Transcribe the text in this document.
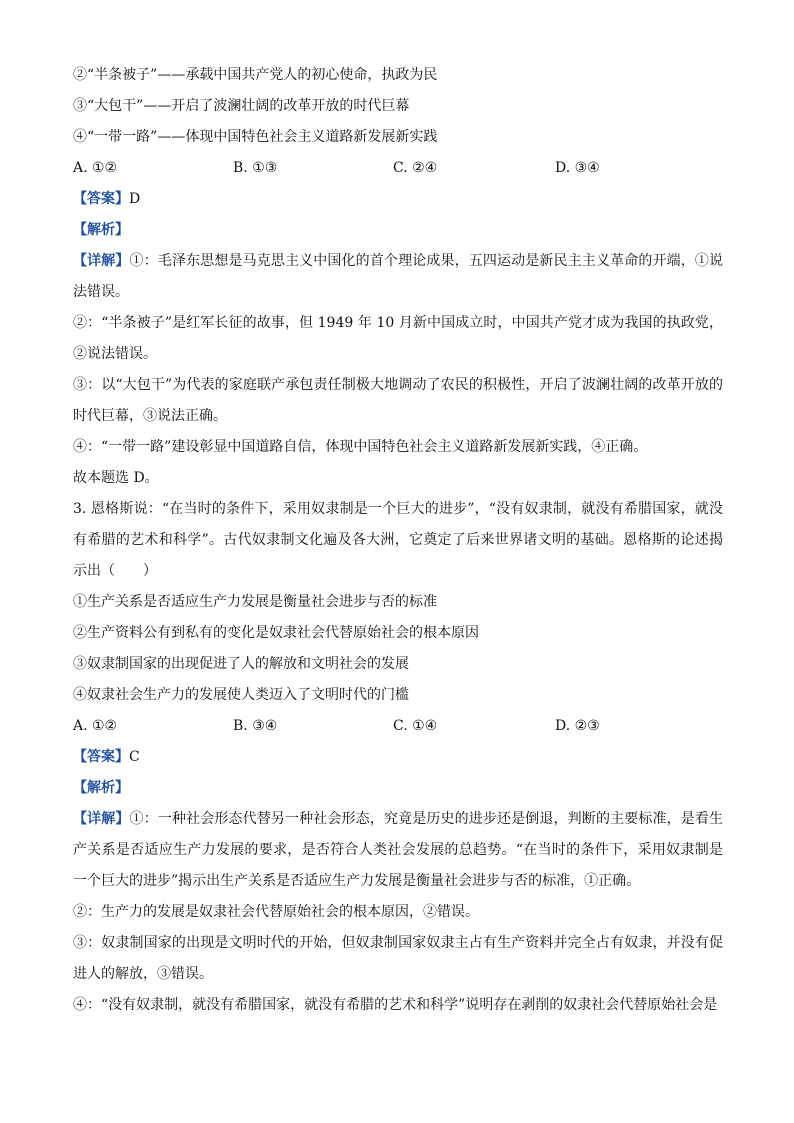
②“半条被子”——承载中国共产党人的初心使命，执政为民
③“大包干”——开启了波澜壮阔的改革开放的时代巨幕
④“一带一路”——体现中国特色社会主义道路新发展新实践
A. ①②	B. ①③	C. ②④	D. ③④
【答案】D
【解析】
【详解】①：毛泽东思想是马克思主义中国化的首个理论成果，五四运动是新民主主义革命的开端，①说法错误。
②：“半条被子”是红军长征的故事，但 1949 年 10 月新中国成立时，中国共产党才成为我国的执政党，②说法错误。
③：以“大包干”为代表的家庭联产承包责任制极大地调动了农民的积极性，开启了波澜壮阔的改革开放的时代巨幕，③说法正确。
④：“一带一路”建设彰显中国道路自信，体现中国特色社会主义道路新发展新实践，④正确。
故本题选 D。
3. 恩格斯说：“在当时的条件下，采用奴隶制是一个巨大的进步”，“没有奴隶制，就没有希腊国家，就没有希腊的艺术和科学”。古代奴隶制文化遍及各大洲，它奠定了后来世界诸文明的基础。恩格斯的论述揭示出（　　）
①生产关系是否适应生产力发展是衡量社会进步与否的标准
②生产资料公有到私有的变化是奴隶社会代替原始社会的根本原因
③奴隶制国家的出现促进了人的解放和文明社会的发展
④奴隶社会生产力的发展使人类迈入了文明时代的门槛
A. ①②	B. ③④	C. ①④	D. ②③
【答案】C
【解析】
【详解】①：一种社会形态代替另一种社会形态，究竟是历史的进步还是倒退，判断的主要标准，是看生产关系是否适应生产力发展的要求，是否符合人类社会发展的总趋势。“在当时的条件下，采用奴隶制是一个巨大的进步”揭示出生产关系是否适应生产力发展是衡量社会进步与否的标准，①正确。
②：生产力的发展是奴隶社会代替原始社会的根本原因，②错误。
③：奴隶制国家的出现是文明时代的开始，但奴隶制国家奴隶主占有生产资料并完全占有奴隶，并没有促进人的解放，③错误。
④：“没有奴隶制，就没有希腊国家，就没有希腊的艺术和科学”说明存在剥削的奴隶社会代替原始社会是
